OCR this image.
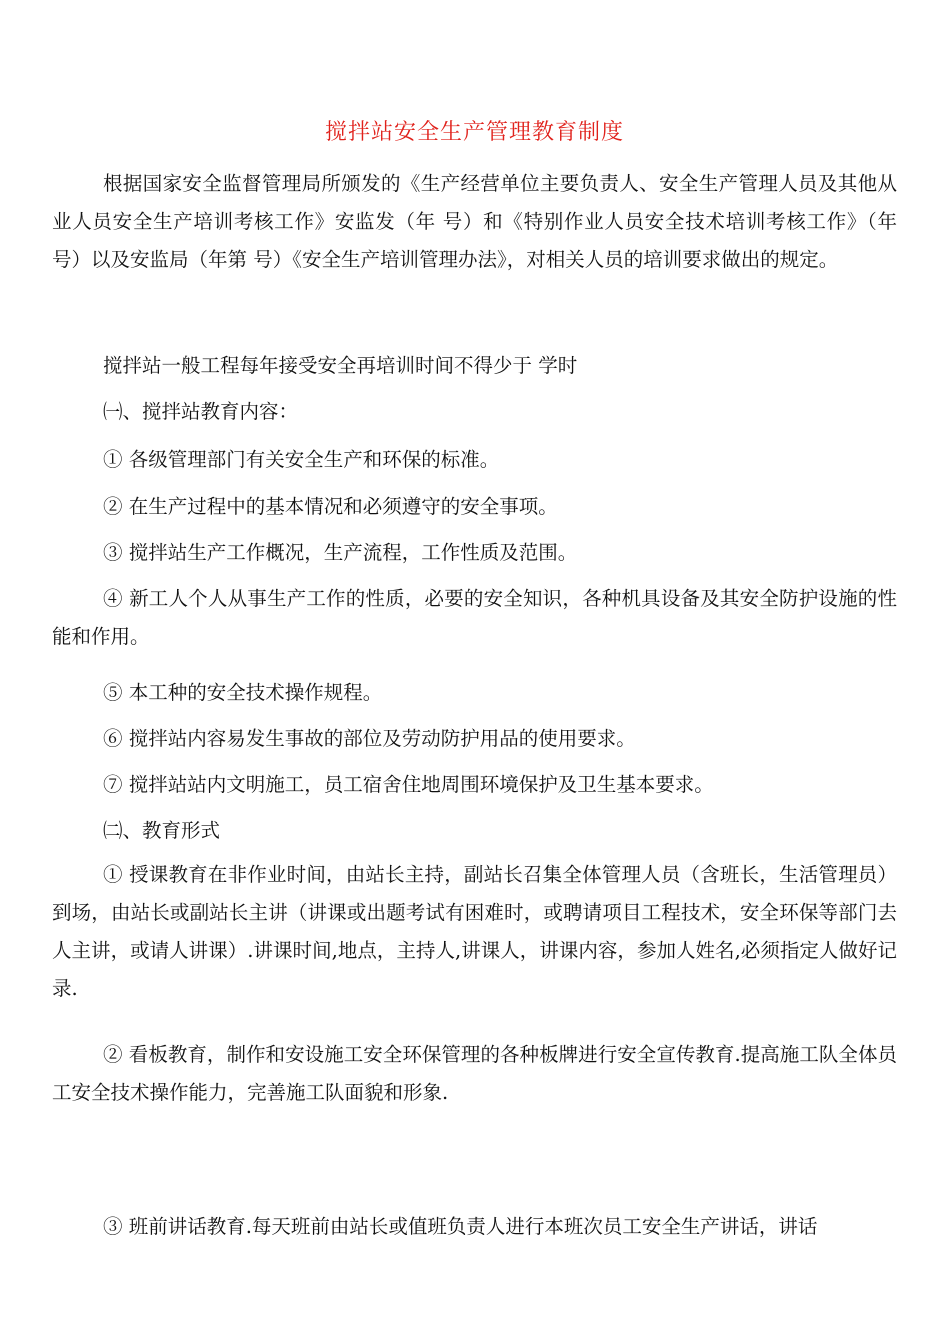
搅拌站安全生产管理教育制度

根据国家安全监督管理局所颁发的《生产经营单位主要负责人、安全生产管理人员及其他从业人员安全生产培训考核工作》安监发（年 号）和《特别作业人员安全技术培训考核工作》（年 号）以及安监局（年第 号）《安全生产培训管理办法》，对相关人员的培训要求做出的规定。

搅拌站一般工程每年接受安全再培训时间不得少于 学时

㈠、搅拌站教育内容：

① 各级管理部门有关安全生产和环保的标准。

② 在生产过程中的基本情况和必须遵守的安全事项。

③ 搅拌站生产工作概况，生产流程，工作性质及范围。

④ 新工人个人从事生产工作的性质，必要的安全知识，各种机具设备及其安全防护设施的性能和作用。

⑤ 本工种的安全技术操作规程。

⑥ 搅拌站内容易发生事故的部位及劳动防护用品的使用要求。

⑦ 搅拌站站内文明施工，员工宿舍住地周围环境保护及卫生基本要求。

㈡、教育形式

① 授课教育在非作业时间，由站长主持，副站长召集全体管理人员（含班长，生活管理员）到场，由站长或副站长主讲（讲课或出题考试有困难时，或聘请项目工程技术，安全环保等部门去人主讲，或请人讲课）.讲课时间,地点，主持人,讲课人，讲课内容，参加人姓名,必须指定人做好记录.

② 看板教育，制作和安设施工安全环保管理的各种板牌进行安全宣传教育.提高施工队全体员工安全技术操作能力，完善施工队面貌和形象.

③ 班前讲话教育.每天班前由站长或值班负责人进行本班次员工安全生产讲话，讲话
